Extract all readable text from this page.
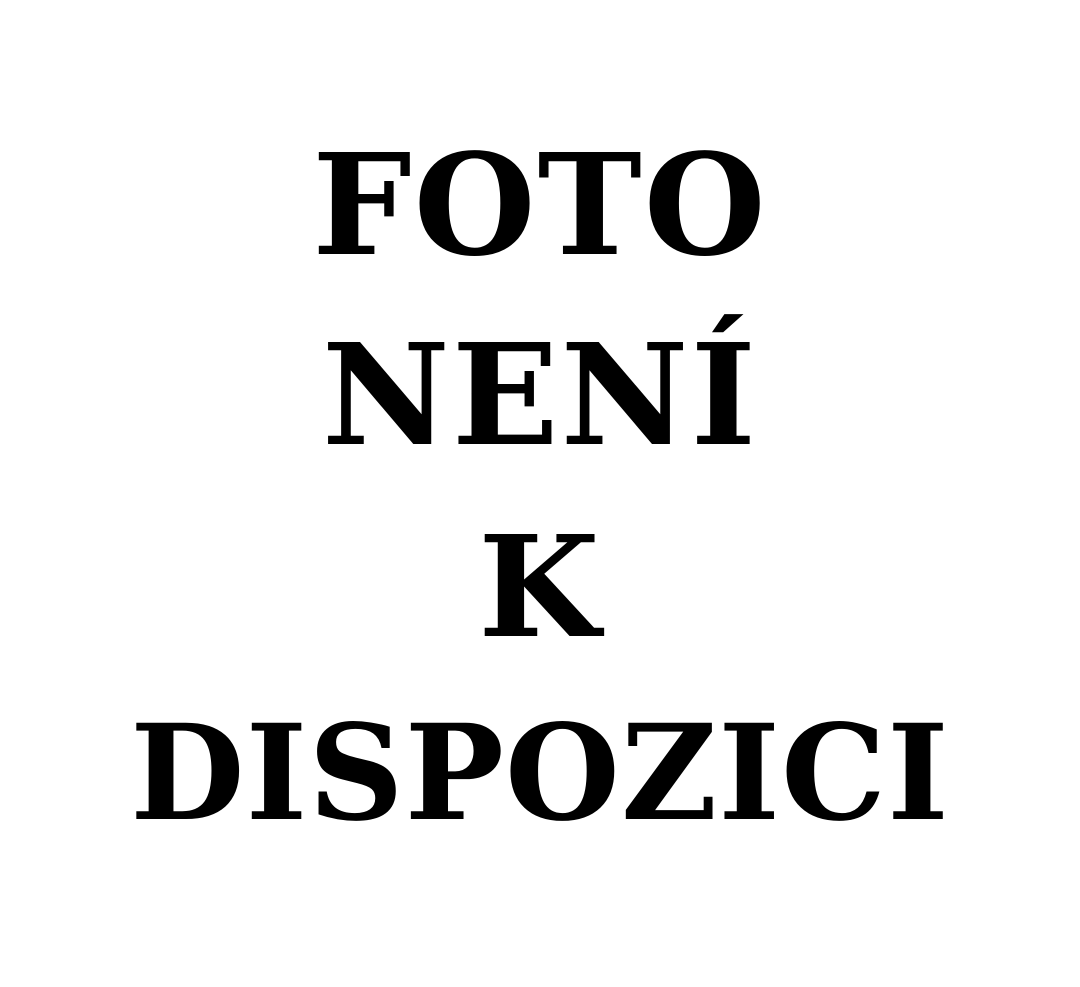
FOTO
NENÍ
K
DISPOZICI
